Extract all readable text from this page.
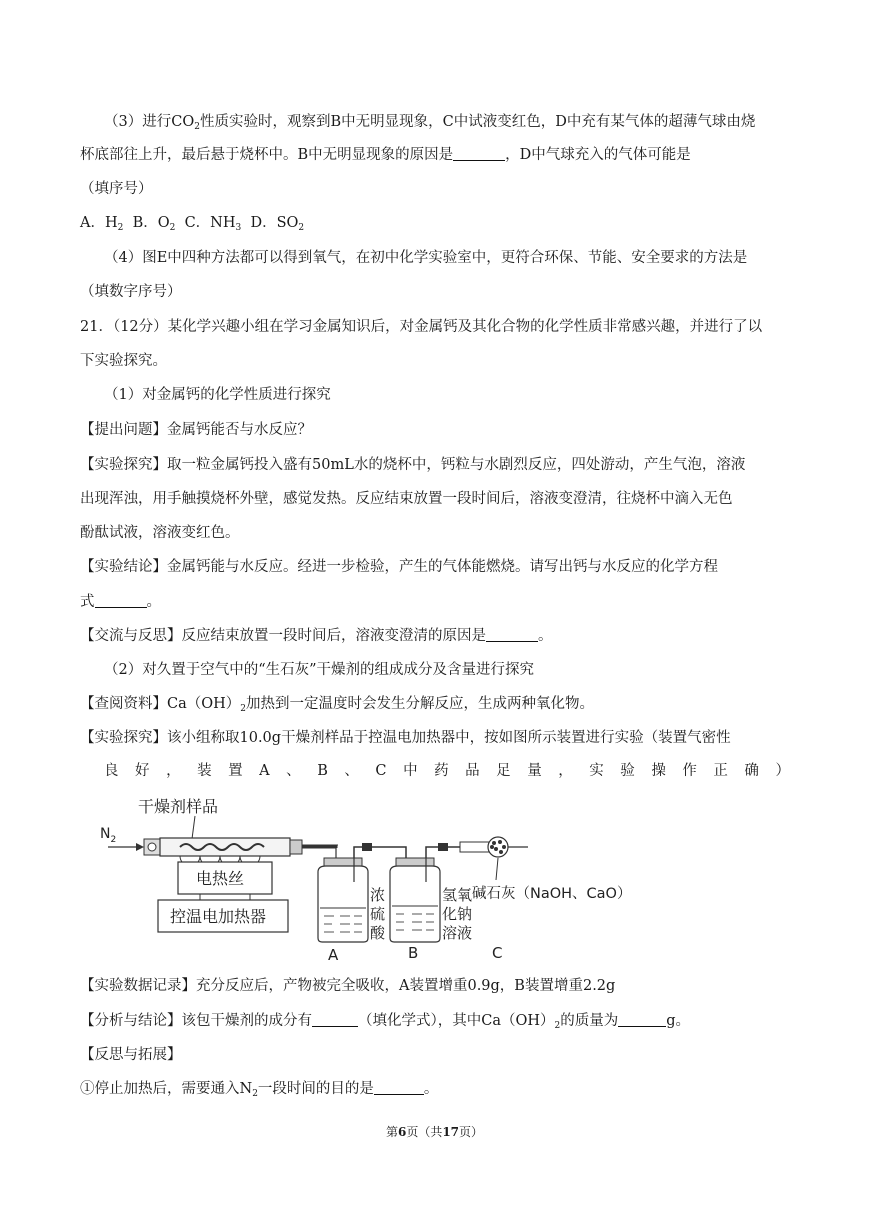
（3）进行$CO_2$性质实验时，观察到B中无明显现象，C中试液变红色，D中充有某气体的超薄气球由烧
杯底部往上升，最后悬于烧杯中。B中无明显现象的原因是	，D中气球充入的气体可能是
（填序号）
A．$H_2$  B．$O_2$  C．$NH_3$  D．$SO_2$
（4）图E中四种方法都可以得到氧气，在初中化学实验室中，更符合环保、节能、安全要求的方法是
（填数字序号）
21．（12分）某化学兴趣小组在学习金属知识后，对金属钙及其化合物的化学性质非常感兴趣，并进行了以
下实验探究。
（1）对金属钙的化学性质进行探究
【提出问题】金属钙能否与水反应？
【实验探究】取一粒金属钙投入盛有50mL水的烧杯中，钙粒与水剧烈反应，四处游动，产生气泡，溶液
出现浑浊，用手触摸烧杯外壁，感觉发热。反应结束放置一段时间后，溶液变澄清，往烧杯中滴入无色
酚酞试液，溶液变红色。
【实验结论】金属钙能与水反应。经进一步检验，产生的气体能燃烧。请写出钙与水反应的化学方程
式	。
【交流与反思】反应结束放置一段时间后，溶液变澄清的原因是	。
（2）对久置于空气中的“生石灰”干燥剂的组成成分及含量进行探究
【查阅资料】$Ca(OH)_2$加热到一定温度时会发生分解反应，生成两种氧化物。
【实验探究】该小组称取10.0g干燥剂样品于控温电加热器中，按如图所示装置进行实验（装置气密性
良 好 ， 装 置 A 、 B 、 C 中 药 品 足 量 ， 实 验 操 作 正 确 ）
干燥剂样品
$N_2$
电热丝
控温电加热器
浓
硫
酸
A
氢氧
化钠
溶液
B
碱石灰（NaOH、CaO）
C
【实验数据记录】充分反应后，产物被完全吸收，A装置增重0.9g，B装置增重2.2g
【分析与结论】该包干燥剂的成分有	（填化学式），其中$Ca(OH)_2$的质量为	g。
【反思与拓展】
①停止加热后，需要通入$N_2$一段时间的目的是	。
第6页（共17页）
